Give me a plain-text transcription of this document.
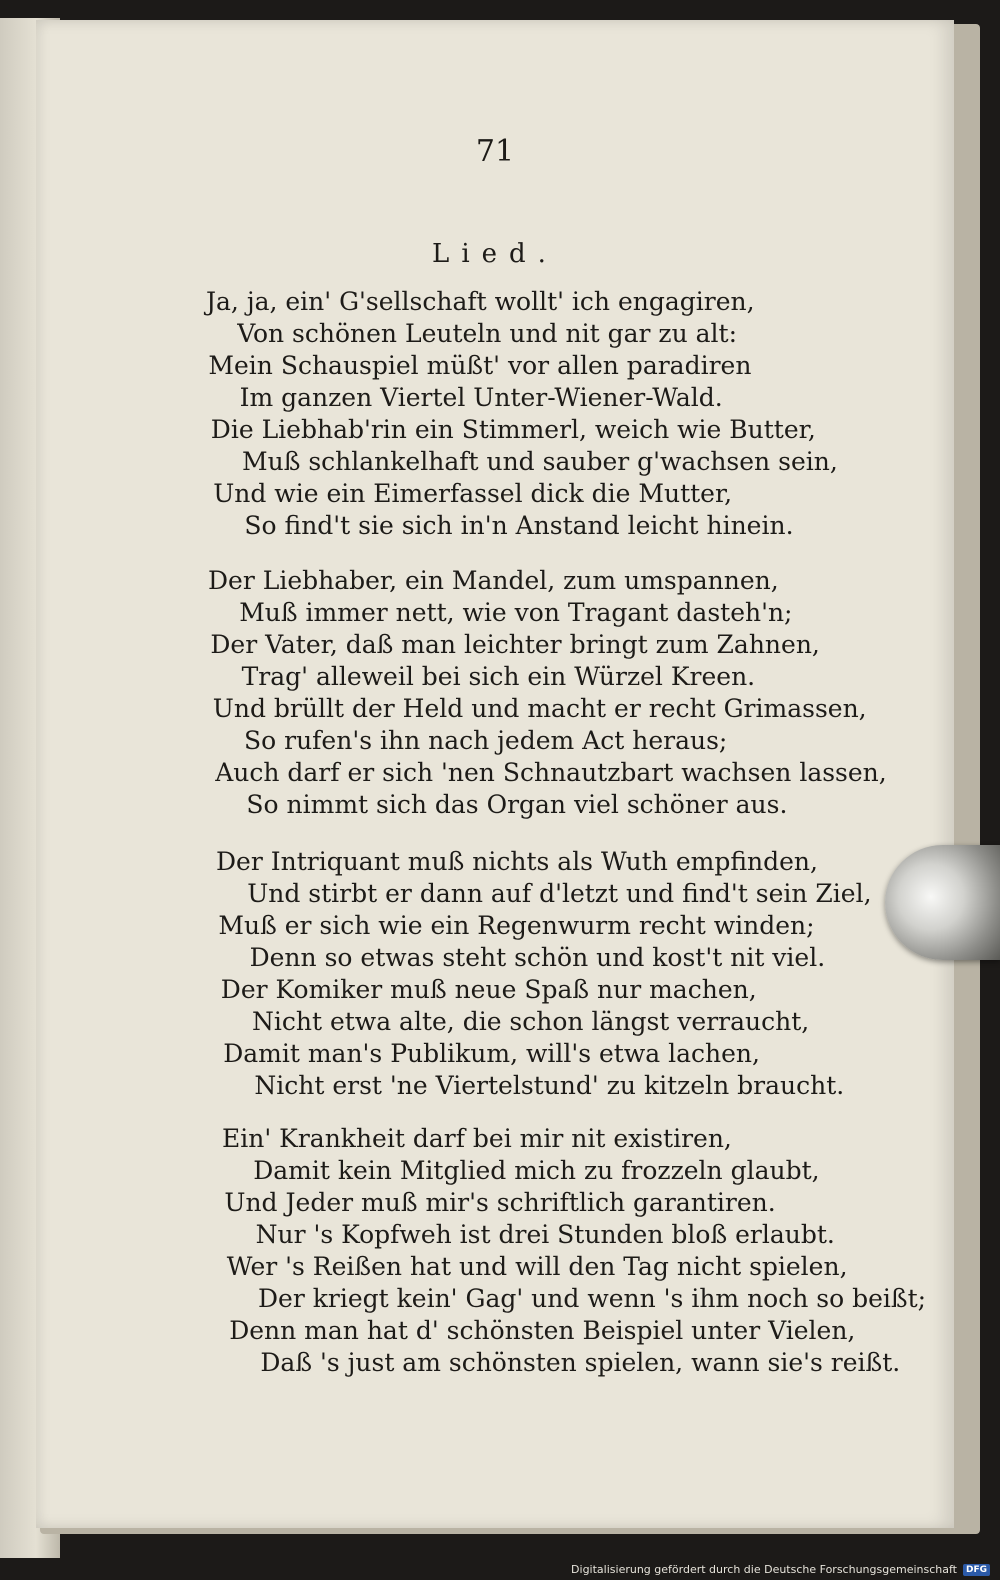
71
Lied.
Ja, ja, ein' G'sellschaft wollt' ich engagiren,
Von schönen Leuteln und nit gar zu alt:
Mein Schauspiel müßt' vor allen paradiren
Im ganzen Viertel Unter-Wiener-Wald.
Die Liebhab'rin ein Stimmerl, weich wie Butter,
Muß schlankelhaft und sauber g'wachsen sein,
Und wie ein Eimerfassel dick die Mutter,
So find't sie sich in'n Anstand leicht hinein.
Der Liebhaber, ein Mandel, zum umspannen,
Muß immer nett, wie von Tragant dasteh'n;
Der Vater, daß man leichter bringt zum Zahnen,
Trag' alleweil bei sich ein Würzel Kreen.
Und brüllt der Held und macht er recht Grimassen,
So rufen's ihn nach jedem Act heraus;
Auch darf er sich 'nen Schnautzbart wachsen lassen,
So nimmt sich das Organ viel schöner aus.
Der Intriquant muß nichts als Wuth empfinden,
Und stirbt er dann auf d'letzt und find't sein Ziel,
Muß er sich wie ein Regenwurm recht winden;
Denn so etwas steht schön und kost't nit viel.
Der Komiker muß neue Spaß nur machen,
Nicht etwa alte, die schon längst verraucht,
Damit man's Publikum, will's etwa lachen,
Nicht erst 'ne Viertelstund' zu kitzeln braucht.
Ein' Krankheit darf bei mir nit existiren,
Damit kein Mitglied mich zu frozzeln glaubt,
Und Jeder muß mir's schriftlich garantiren.
Nur 's Kopfweh ist drei Stunden bloß erlaubt.
Wer 's Reißen hat und will den Tag nicht spielen,
Der kriegt kein' Gag' und wenn 's ihm noch so beißt;
Denn man hat d' schönsten Beispiel unter Vielen,
Daß 's just am schönsten spielen, wann sie's reißt.
Digitalisierung gefördert durch die Deutsche Forschungsgemeinschaft	DFG
